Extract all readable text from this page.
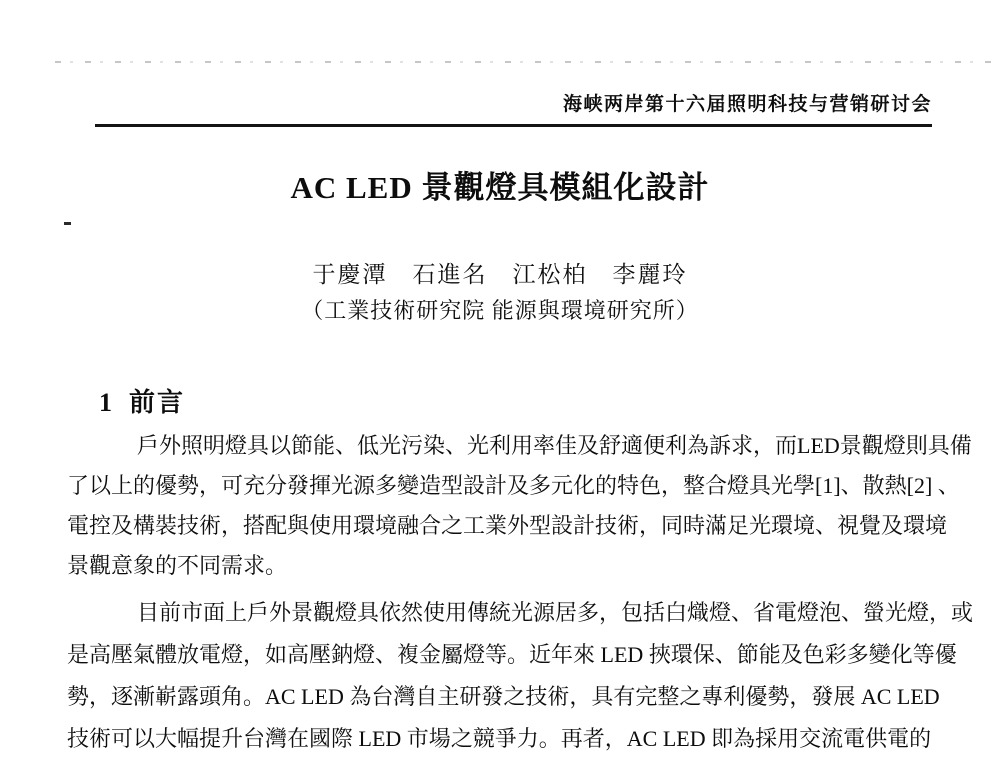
海峡两岸第十六届照明科技与营销研讨会
AC LED 景觀燈具模組化設計
于慶潭　石進名　江松柏　李麗玲
（工業技術研究院 能源與環境研究所）
1 前言
戶外照明燈具以節能、低光污染、光利用率佳及舒適便利為訴求，而LED景觀燈則具備
了以上的優勢，可充分發揮光源多變造型設計及多元化的特色，整合燈具光學[1]、散熱[2] 、
電控及構裝技術，搭配與使用環境融合之工業外型設計技術，同時滿足光環境、視覺及環境
景觀意象的不同需求。
目前市面上戶外景觀燈具依然使用傳統光源居多，包括白熾燈、省電燈泡、螢光燈，或
是高壓氣體放電燈，如高壓鈉燈、複金屬燈等。近年來 LED 挾環保、節能及色彩多變化等優
勢，逐漸嶄露頭角。AC LED 為台灣自主研發之技術，具有完整之專利優勢，發展 AC LED
技術可以大幅提升台灣在國際 LED 市場之競爭力。再者，AC LED 即為採用交流電供電的
